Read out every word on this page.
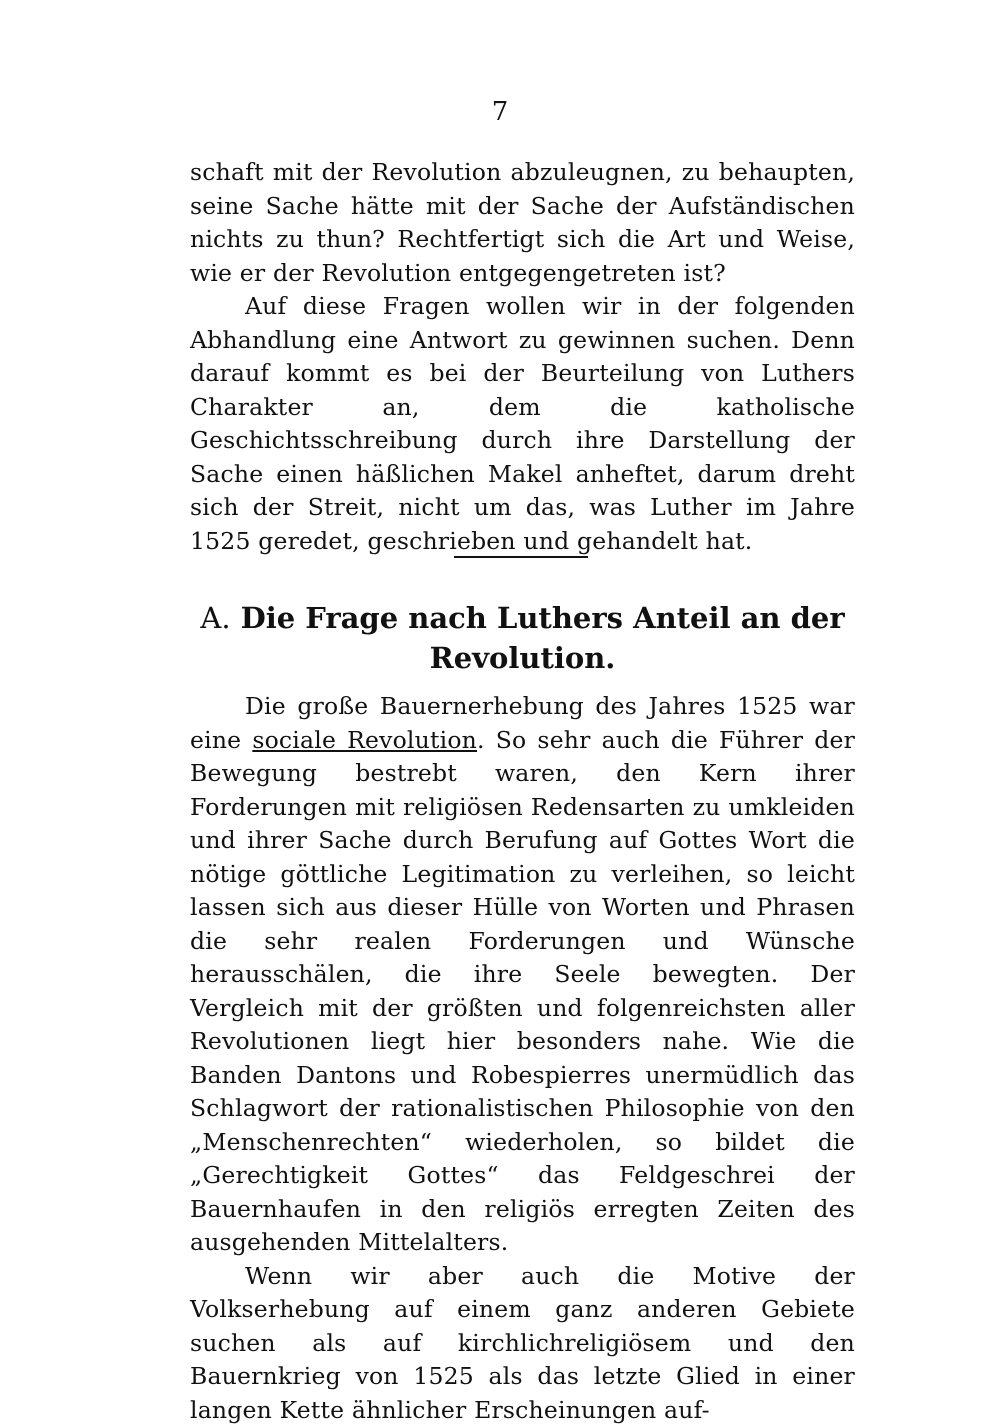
7

schaft mit der Revolution abzuleugnen, zu behaupten, seine Sache hätte mit der Sache der Aufständischen nichts zu thun? Rechtfertigt sich die Art und Weise, wie er der Revolution entgegengetreten ist?

Auf diese Fragen wollen wir in der folgenden Abhandlung eine Antwort zu gewinnen suchen. Denn darauf kommt es bei der Beurteilung von Luthers Charakter an, dem die katholische Geschichtsschreibung durch ihre Darstellung der Sache einen häßlichen Makel anheftet, darum dreht sich der Streit, nicht um das, was Luther im Jahre 1525 geredet, geschrieben und gehandelt hat.

A. Die Frage nach Luthers Anteil an der Revolution.

Die große Bauernerhebung des Jahres 1525 war eine sociale Revolution. So sehr auch die Führer der Bewegung bestrebt waren, den Kern ihrer Forderungen mit religiösen Redensarten zu umkleiden und ihrer Sache durch Berufung auf Gottes Wort die nötige göttliche Legitimation zu verleihen, so leicht lassen sich aus dieser Hülle von Worten und Phrasen die sehr realen Forderungen und Wünsche herausschälen, die ihre Seele bewegten. Der Vergleich mit der größten und folgenreichsten aller Revolutionen liegt hier besonders nahe. Wie die Banden Dantons und Robespierres unermüdlich das Schlagwort der rationalistischen Philosophie von den „Menschenrechten“ wiederholen, so bildet die „Gerechtigkeit Gottes“ das Feldgeschrei der Bauernhaufen in den religiös erregten Zeiten des ausgehenden Mittelalters.

Wenn wir aber auch die Motive der Volkserhebung auf einem ganz anderen Gebiete suchen als auf kirchlichreligiösem und den Bauernkrieg von 1525 als das letzte Glied in einer langen Kette ähnlicher Erscheinungen auf-
